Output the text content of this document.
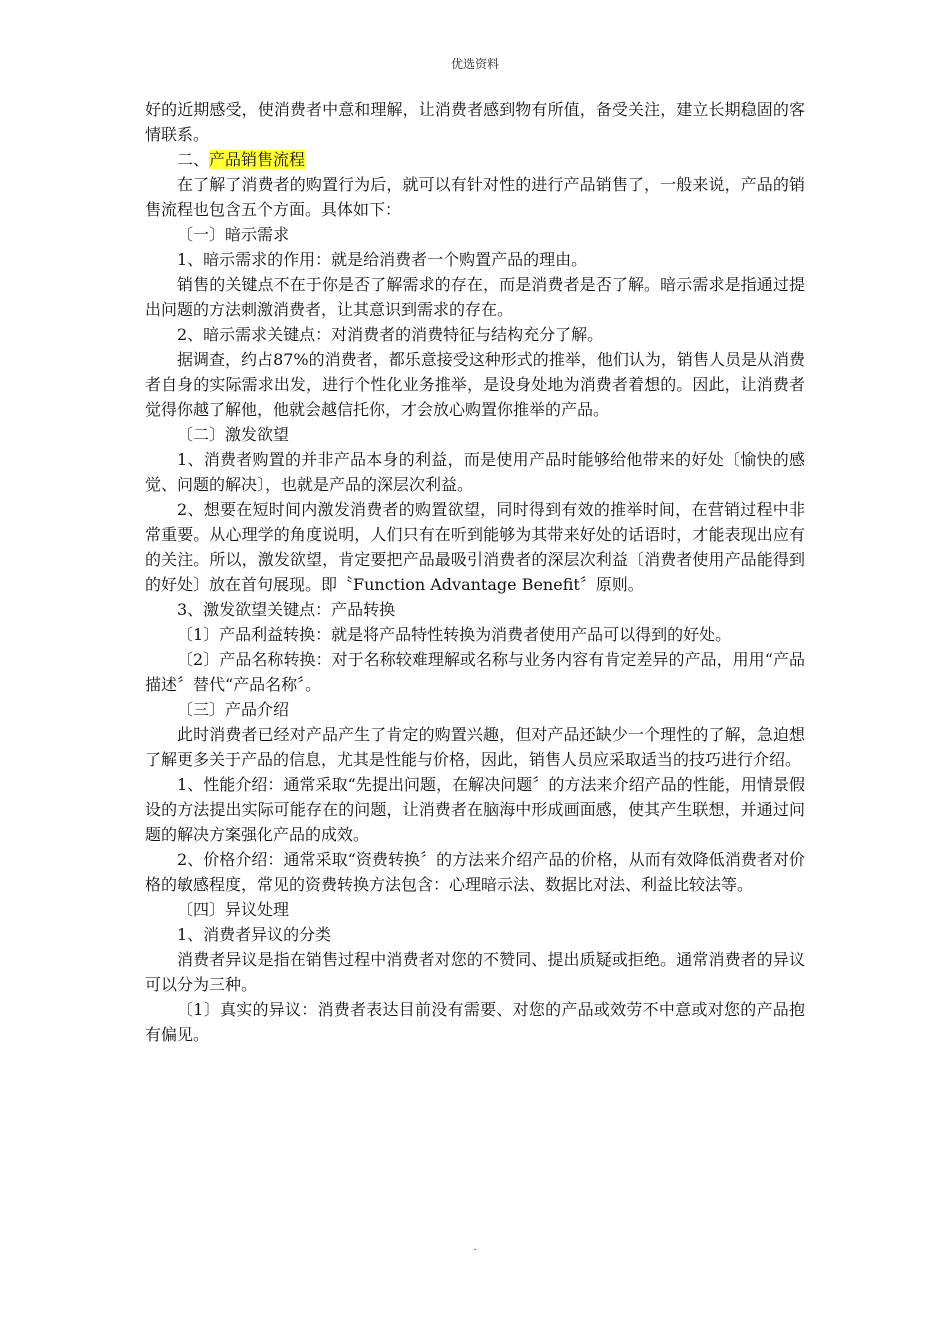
优选资料

好的近期感受，使消费者中意和理解，让消费者感到物有所值，备受关注，建立长期稳固的客情联系。

二、产品销售流程

在了解了消费者的购置行为后，就可以有针对性的进行产品销售了，一般来说，产品的销售流程也包含五个方面。具体如下：

〔一〕暗示需求

1、暗示需求的作用：就是给消费者一个购置产品的理由。

销售的关键点不在于你是否了解需求的存在，而是消费者是否了解。暗示需求是指通过提出问题的方法刺激消费者，让其意识到需求的存在。

2、暗示需求关键点：对消费者的消费特征与结构充分了解。

据调查，约占87%的消费者，都乐意接受这种形式的推举，他们认为，销售人员是从消费者自身的实际需求出发，进行个性化业务推举，是设身处地为消费者着想的。因此，让消费者觉得你越了解他，他就会越信托你，才会放心购置你推举的产品。

〔二〕激发欲望

1、消费者购置的并非产品本身的利益，而是使用产品时能够给他带来的好处〔愉快的感觉、问题的解决〕，也就是产品的深层次利益。

2、想要在短时间内激发消费者的购置欲望，同时得到有效的推举时间，在营销过程中非常重要。从心理学的角度说明，人们只有在听到能够为其带来好处的话语时，才能表现出应有的关注。所以，激发欲望，肯定要把产品最吸引消费者的深层次利益〔消费者使用产品能得到的好处〕放在首句展现。即〝Function Advantage Benefit〞原则。

3、激发欲望关键点：产品转换

〔1〕产品利益转换：就是将产品特性转换为消费者使用产品可以得到的好处。

〔2〕产品名称转换：对于名称较难理解或名称与业务内容有肯定差异的产品，用用“产品描述〞替代“产品名称〞。

〔三〕产品介绍

此时消费者已经对产品产生了肯定的购置兴趣，但对产品还缺少一个理性的了解，急迫想了解更多关于产品的信息，尤其是性能与价格，因此，销售人员应采取适当的技巧进行介绍。

1、性能介绍：通常采取“先提出问题，在解决问题〞的方法来介绍产品的性能，用情景假设的方法提出实际可能存在的问题，让消费者在脑海中形成画面感，使其产生联想，并通过问题的解决方案强化产品的成效。

2、价格介绍：通常采取“资费转换〞的方法来介绍产品的价格，从而有效降低消费者对价格的敏感程度，常见的资费转换方法包含：心理暗示法、数据比对法、利益比较法等。

〔四〕异议处理

1、消费者异议的分类

消费者异议是指在销售过程中消费者对您的不赞同、提出质疑或拒绝。通常消费者的异议可以分为三种。

〔1〕真实的异议：消费者表达目前没有需要、对您的产品或效劳不中意或对您的产品抱有偏见。

.
